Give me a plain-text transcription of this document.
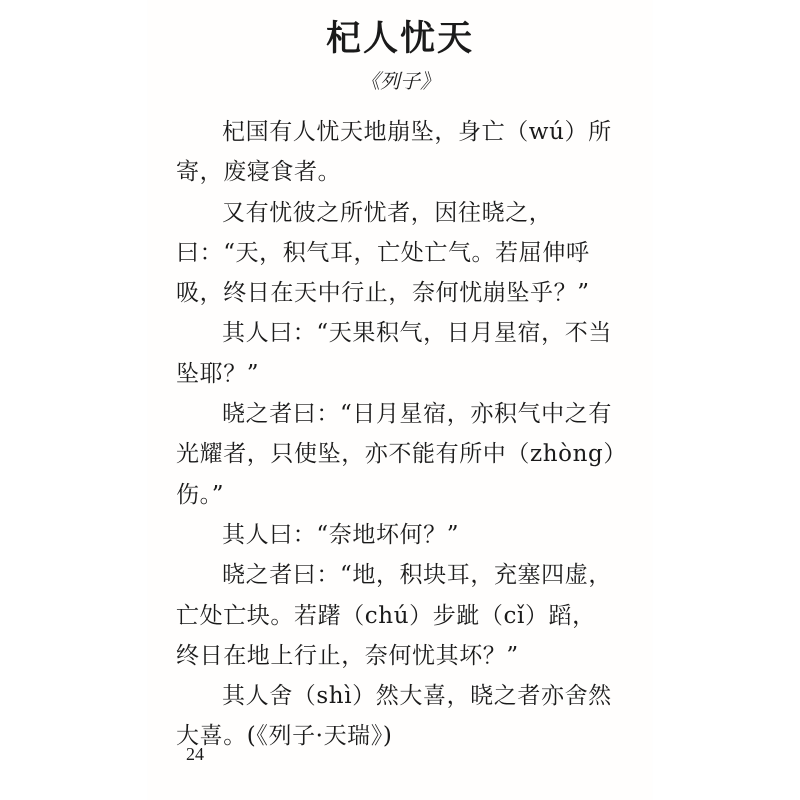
杞人忧天
《列子》

杞国有人忧天地崩坠，身亡（wú）所寄，废寝食者。

又有忧彼之所忧者，因往晓之，曰：“天，积气耳，亡处亡气。若屈伸呼吸，终日在天中行止，奈何忧崩坠乎？”

其人曰：“天果积气，日月星宿，不当坠耶？”

晓之者曰：“日月星宿，亦积气中之有光耀者，只使坠，亦不能有所中（zhòng）伤。”

其人曰：“奈地坏何？”

晓之者曰：“地，积块耳，充塞四虚，亡处亡块。若躇（chú）步跐（cǐ）蹈，终日在地上行止，奈何忧其坏？”

其人舍（shì）然大喜，晓之者亦舍然大喜。(《列子·天瑞》)

24
